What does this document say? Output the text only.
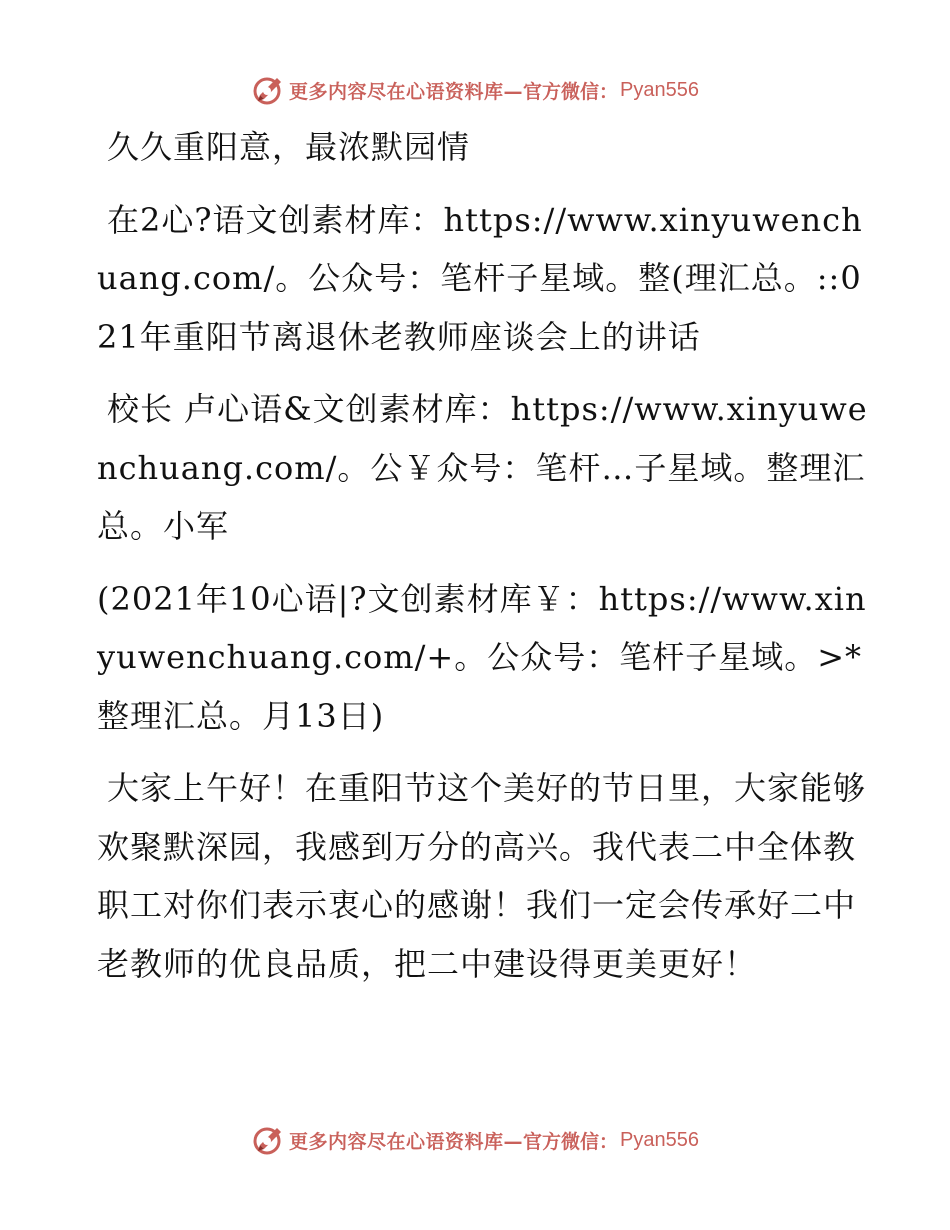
更多内容尽在心语资料库— 官方微信： Pyan556

久久重阳意，最浓默园情

在2心?语文创素材库：https://www.xinyuwenchuang.com/。公众号：笔杆子星域。整(理汇总。::021年重阳节离退休老教师座谈会上的讲话

校长 卢心语&文创素材库：https://www.xinyuwenchuang.com/。公￥众号：笔杆…子星域。整理汇总。小军

(2021年10心语|?文创素材库￥：https://www.xinyuwenchuang.com/+。公众号：笔杆子星域。>*整理汇总。月13日)

大家上午好！在重阳节这个美好的节日里，大家能够欢聚默深园，我感到万分的高兴。我代表二中全体教职工对你们表示衷心的感谢！我们一定会传承好二中老教师的优良品质，把二中建设得更美更好！

更多内容尽在心语资料库— 官方微信： Pyan556
